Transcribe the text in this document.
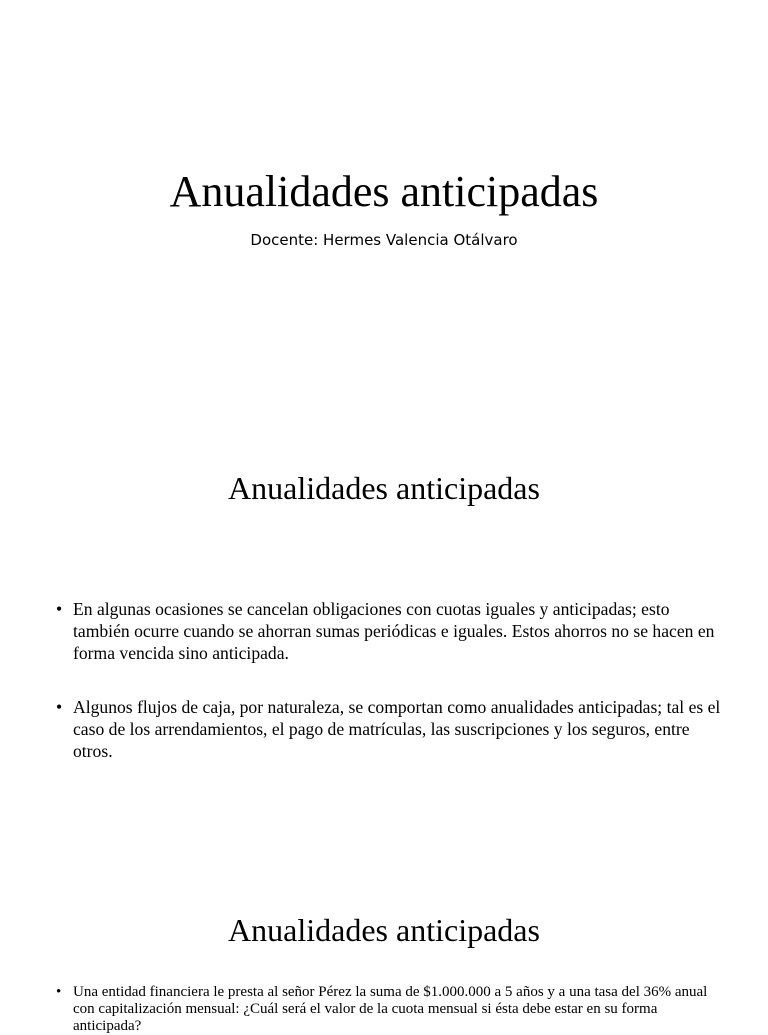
Anualidades anticipadas

Docente: Hermes Valencia Otálvaro

Anualidades anticipadas
• En algunas ocasiones se cancelan obligaciones con cuotas iguales y anticipadas; esto también ocurre cuando se ahorran sumas periódicas e iguales. Estos ahorros no se hacen en forma vencida sino anticipada.
• Algunos flujos de caja, por naturaleza, se comportan como anualidades anticipadas; tal es el caso de los arrendamientos, el pago de matrículas, las suscripciones y los seguros, entre otros.
Anualidades anticipadas
• Una entidad financiera le presta al señor Pérez la suma de $1.000.000 a 5 años y a una tasa del 36% anual con capitalización mensual: ¿Cuál será el valor de la cuota mensual si ésta debe estar en su forma anticipada?
